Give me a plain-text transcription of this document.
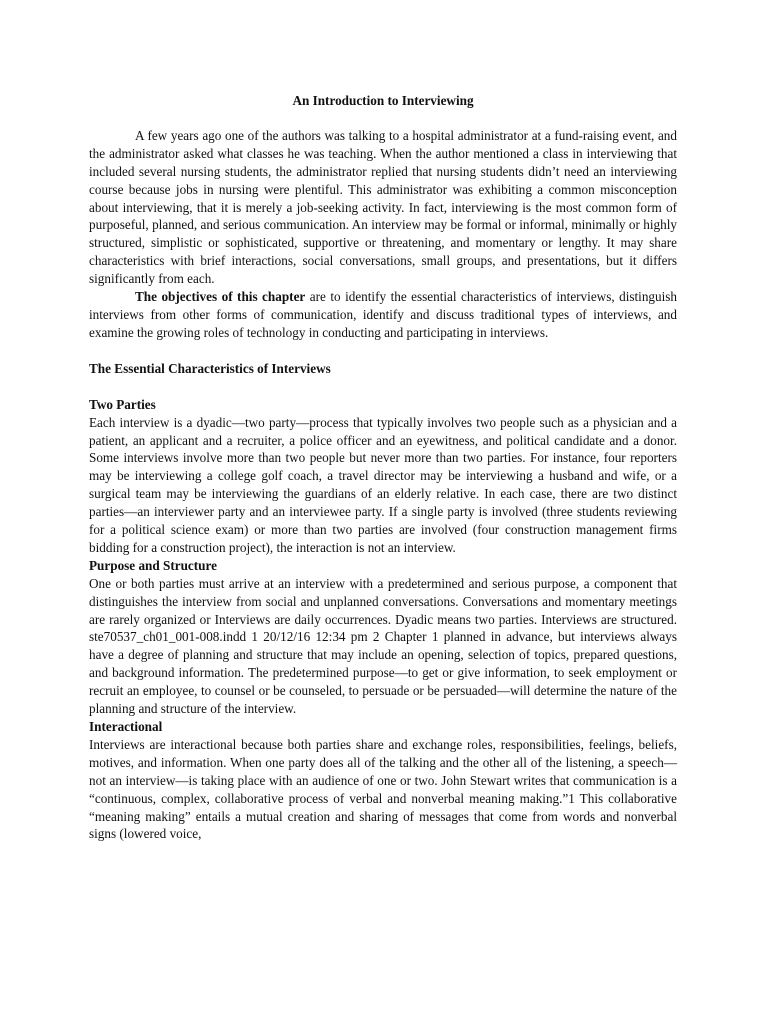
An Introduction to Interviewing

A few years ago one of the authors was talking to a hospital administrator at a fund-raising event, and the administrator asked what classes he was teaching. When the author mentioned a class in interviewing that included several nursing students, the administrator replied that nursing students didn’t need an interviewing course because jobs in nursing were plentiful. This administrator was exhibiting a common misconception about interviewing, that it is merely a job-seeking activity. In fact, interviewing is the most common form of purposeful, planned, and serious communication. An interview may be formal or informal, minimally or highly structured, simplistic or sophisticated, supportive or threatening, and momentary or lengthy. It may share characteristics with brief interactions, social conversations, small groups, and presentations, but it differs significantly from each.

The objectives of this chapter are to identify the essential characteristics of interviews, distinguish interviews from other forms of communication, identify and discuss traditional types of interviews, and examine the growing roles of technology in conducting and participating in interviews.

The Essential Characteristics of Interviews

Two Parties

Each interview is a dyadic—two party—process that typically involves two people such as a physician and a patient, an applicant and a recruiter, a police officer and an eyewitness, and political candidate and a donor. Some interviews involve more than two people but never more than two parties. For instance, four reporters may be interviewing a college golf coach, a travel director may be interviewing a husband and wife, or a surgical team may be interviewing the guardians of an elderly relative. In each case, there are two distinct parties—an interviewer party and an interviewee party. If a single party is involved (three students reviewing for a political science exam) or more than two parties are involved (four construction management firms bidding for a construction project), the interaction is not an interview.

Purpose and Structure

One or both parties must arrive at an interview with a predetermined and serious purpose, a component that distinguishes the interview from social and unplanned conversations. Conversations and momentary meetings are rarely organized or Interviews are daily occurrences. Dyadic means two parties. Interviews are structured. ste70537_ch01_001-008.indd 1 20/12/16 12:34 pm 2 Chapter 1 planned in advance, but interviews always have a degree of planning and structure that may include an opening, selection of topics, prepared questions, and background information. The predetermined purpose—to get or give information, to seek employment or recruit an employee, to counsel or be counseled, to persuade or be persuaded—will determine the nature of the planning and structure of the interview.

Interactional

Interviews are interactional because both parties share and exchange roles, responsibilities, feelings, beliefs, motives, and information. When one party does all of the talking and the other all of the listening, a speech—not an interview—is taking place with an audience of one or two. John Stewart writes that communication is a “continuous, complex, collaborative process of verbal and nonverbal meaning making.”1 This collaborative “meaning making” entails a mutual creation and sharing of messages that come from words and nonverbal signs (lowered voice,
